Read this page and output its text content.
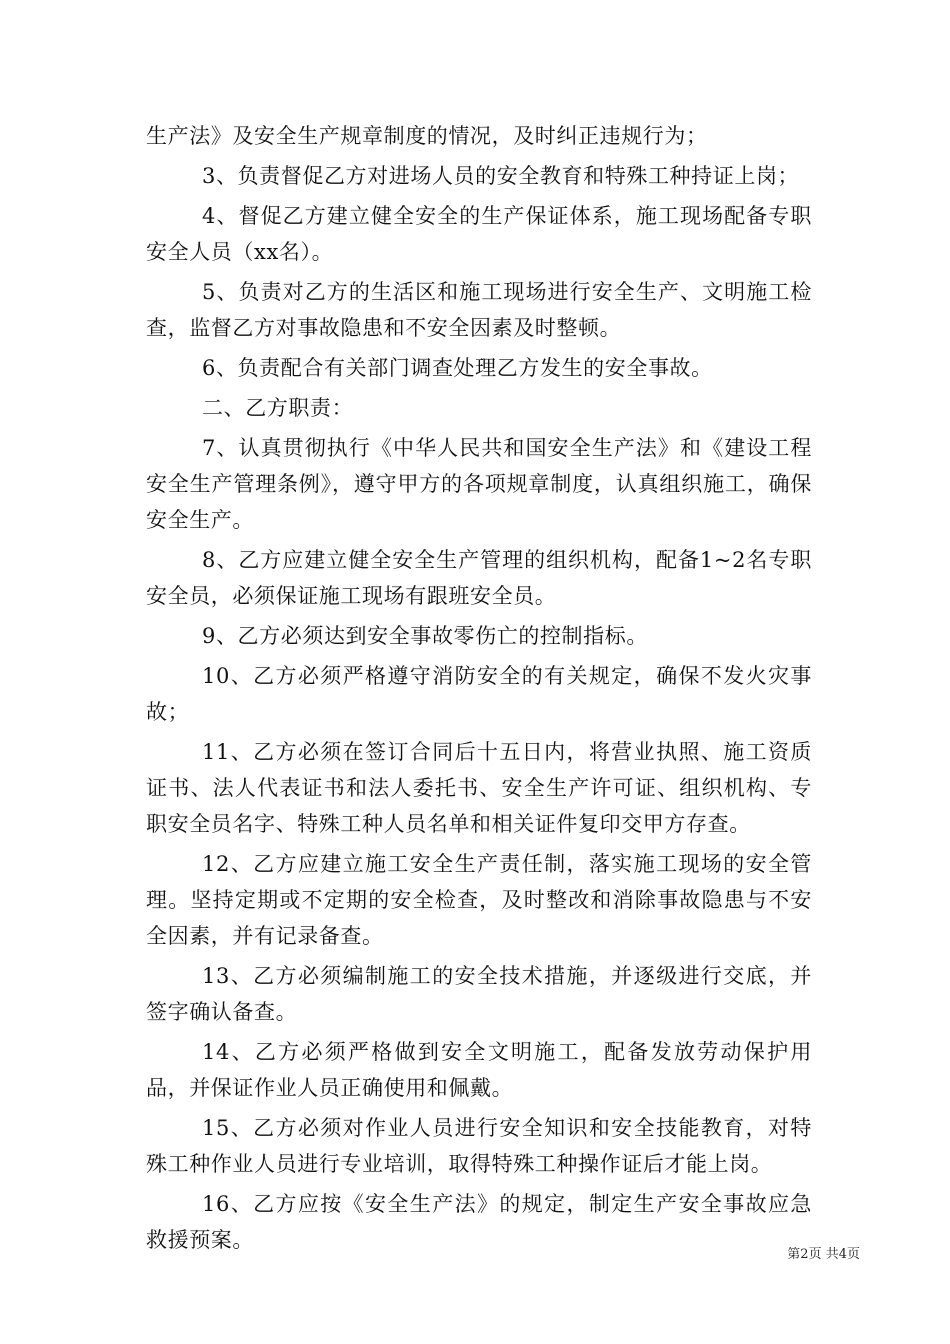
生产法》及安全生产规章制度的情况，及时纠正违规行为；

3、负责督促乙方对进场人员的安全教育和特殊工种持证上岗；

4、督促乙方建立健全安全的生产保证体系，施工现场配备专职安全人员（xx名）。

5、负责对乙方的生活区和施工现场进行安全生产、文明施工检查，监督乙方对事故隐患和不安全因素及时整顿。

6、负责配合有关部门调查处理乙方发生的安全事故。

二、乙方职责：

7、认真贯彻执行《中华人民共和国安全生产法》和《建设工程安全生产管理条例》，遵守甲方的各项规章制度，认真组织施工，确保安全生产。

8、乙方应建立健全安全生产管理的组织机构，配备1~2名专职安全员，必须保证施工现场有跟班安全员。

9、乙方必须达到安全事故零伤亡的控制指标。

10、乙方必须严格遵守消防安全的有关规定，确保不发火灾事故；

11、乙方必须在签订合同后十五日内，将营业执照、施工资质证书、法人代表证书和法人委托书、安全生产许可证、组织机构、专职安全员名字、特殊工种人员名单和相关证件复印交甲方存查。

12、乙方应建立施工安全生产责任制，落实施工现场的安全管理。坚持定期或不定期的安全检查，及时整改和消除事故隐患与不安全因素，并有记录备查。

13、乙方必须编制施工的安全技术措施，并逐级进行交底，并签字确认备查。

14、乙方必须严格做到安全文明施工，配备发放劳动保护用品，并保证作业人员正确使用和佩戴。

15、乙方必须对作业人员进行安全知识和安全技能教育，对特殊工种作业人员进行专业培训，取得特殊工种操作证后才能上岗。

16、乙方应按《安全生产法》的规定，制定生产安全事故应急救援预案。

第2页 共4页
